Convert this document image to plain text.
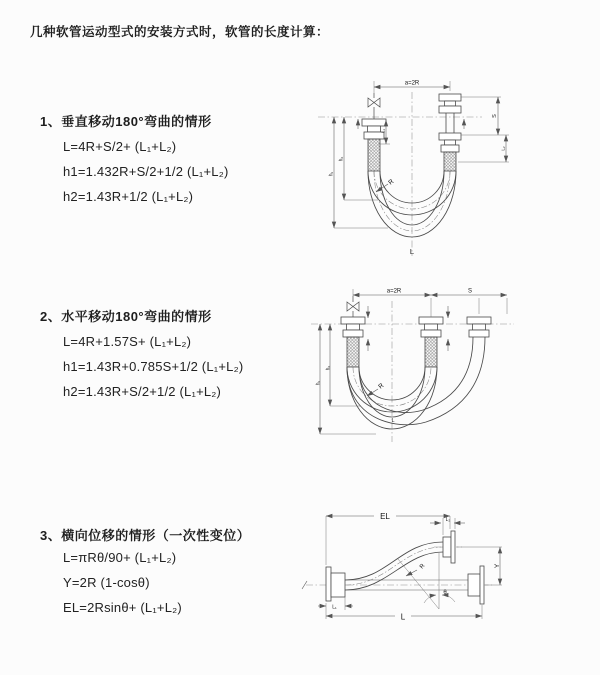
几种软管运动型式的安装方式时，软管的长度计算：
1、垂直移动180°弯曲的情形
L=4R+S/2+ (L₁+L₂)
h1=1.432R+S/2+1/2 (L₁+L₂)
h2=1.43R+1/2 (L₁+L₂)
2、水平移动180°弯曲的情形
L=4R+1.57S+ (L₁+L₂)
h1=1.43R+0.785S+1/2 (L₁+L₂)
h2=1.43R+S/2+1/2 (L₁+L₂)
3、横向位移的情形（一次性变位）
L=πRθ/90+ (L₁+L₂)
Y=2R (1-cosθ)
EL=2Rsinθ+ (L₁+L₂)
a=2R
L₁
S
L₂
h₂
h₁
R
L
a=2R	S
h₁
h₂
R
L
EL	L₂
Y
R
θ
L
L₁
